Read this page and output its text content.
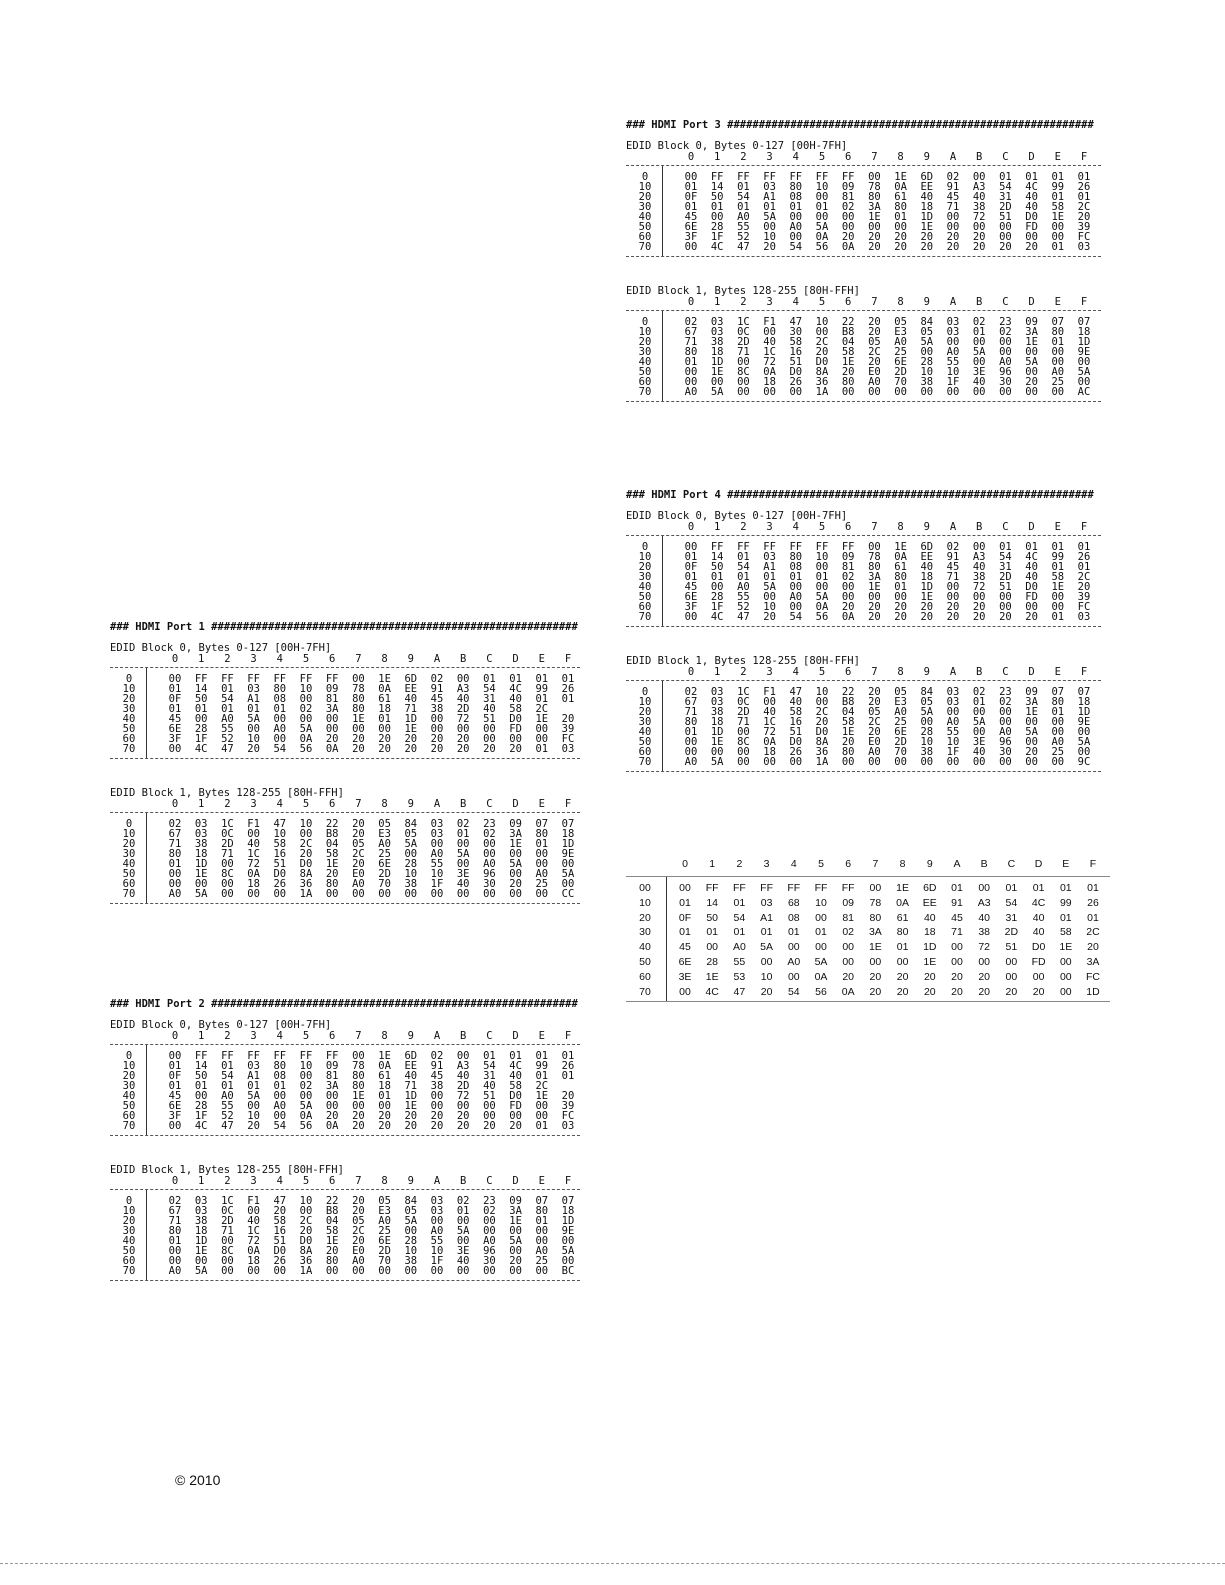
### HDMI Port 1 ##########################################################
EDID Block 0, Bytes 0-127 [00H-7FH]
0	1	2	3	4	5	6	7	8	9	A	B	C	D	E	F
0	00	FF	FF	FF	FF	FF	FF	00	1E	6D	02	00	01	01	01	01
10	01	14	01	03	80	10	09	78	0A	EE	91	A3	54	4C	99	26
20	0F	50	54	A1	08	00	81	80	61	40	45	40	31	40	01	01
30	01	01	01	01	01	02	3A	80	18	71	38	2D	40	58	2C
40	45	00	A0	5A	00	00	00	1E	01	1D	00	72	51	D0	1E	20
50	6E	28	55	00	A0	5A	00	00	00	1E	00	00	00	FD	00	39
60	3F	1F	52	10	00	0A	20	20	20	20	20	20	00	00	00	FC
70	00	4C	47	20	54	56	0A	20	20	20	20	20	20	20	01	03
EDID Block 1, Bytes 128-255 [80H-FFH]
0	1	2	3	4	5	6	7	8	9	A	B	C	D	E	F
0	02	03	1C	F1	47	10	22	20	05	84	03	02	23	09	07	07
10	67	03	0C	00	10	00	B8	20	E3	05	03	01	02	3A	80	18
20	71	38	2D	40	58	2C	04	05	A0	5A	00	00	00	1E	01	1D
30	80	18	71	1C	16	20	58	2C	25	00	A0	5A	00	00	00	9E
40	01	1D	00	72	51	D0	1E	20	6E	28	55	00	A0	5A	00	00
50	00	1E	8C	0A	D0	8A	20	E0	2D	10	10	3E	96	00	A0	5A
60	00	00	00	18	26	36	80	A0	70	38	1F	40	30	20	25	00
70	A0	5A	00	00	00	1A	00	00	00	00	00	00	00	00	00	CC
### HDMI Port 2 ##########################################################
EDID Block 0, Bytes 0-127 [00H-7FH]
0	1	2	3	4	5	6	7	8	9	A	B	C	D	E	F
0	00	FF	FF	FF	FF	FF	FF	00	1E	6D	02	00	01	01	01	01
10	01	14	01	03	80	10	09	78	0A	EE	91	A3	54	4C	99	26
20	0F	50	54	A1	08	00	81	80	61	40	45	40	31	40	01	01
30	01	01	01	01	01	02	3A	80	18	71	38	2D	40	58	2C
40	45	00	A0	5A	00	00	00	1E	01	1D	00	72	51	D0	1E	20
50	6E	28	55	00	A0	5A	00	00	00	1E	00	00	00	FD	00	39
60	3F	1F	52	10	00	0A	20	20	20	20	20	20	00	00	00	FC
70	00	4C	47	20	54	56	0A	20	20	20	20	20	20	20	01	03
EDID Block 1, Bytes 128-255 [80H-FFH]
0	1	2	3	4	5	6	7	8	9	A	B	C	D	E	F
0	02	03	1C	F1	47	10	22	20	05	84	03	02	23	09	07	07
10	67	03	0C	00	20	00	B8	20	E3	05	03	01	02	3A	80	18
20	71	38	2D	40	58	2C	04	05	A0	5A	00	00	00	1E	01	1D
30	80	18	71	1C	16	20	58	2C	25	00	A0	5A	00	00	00	9E
40	01	1D	00	72	51	D0	1E	20	6E	28	55	00	A0	5A	00	00
50	00	1E	8C	0A	D0	8A	20	E0	2D	10	10	3E	96	00	A0	5A
60	00	00	00	18	26	36	80	A0	70	38	1F	40	30	20	25	00
70	A0	5A	00	00	00	1A	00	00	00	00	00	00	00	00	00	BC
### HDMI Port 3 ##########################################################
EDID Block 0, Bytes 0-127 [00H-7FH]
0	1	2	3	4	5	6	7	8	9	A	B	C	D	E	F
0	00	FF	FF	FF	FF	FF	FF	00	1E	6D	02	00	01	01	01	01
10	01	14	01	03	80	10	09	78	0A	EE	91	A3	54	4C	99	26
20	0F	50	54	A1	08	00	81	80	61	40	45	40	31	40	01	01
30	01	01	01	01	01	01	02	3A	80	18	71	38	2D	40	58	2C
40	45	00	A0	5A	00	00	00	1E	01	1D	00	72	51	D0	1E	20
50	6E	28	55	00	A0	5A	00	00	00	1E	00	00	00	FD	00	39
60	3F	1F	52	10	00	0A	20	20	20	20	20	20	00	00	00	FC
70	00	4C	47	20	54	56	0A	20	20	20	20	20	20	20	01	03
EDID Block 1, Bytes 128-255 [80H-FFH]
0	1	2	3	4	5	6	7	8	9	A	B	C	D	E	F
0	02	03	1C	F1	47	10	22	20	05	84	03	02	23	09	07	07
10	67	03	0C	00	30	00	B8	20	E3	05	03	01	02	3A	80	18
20	71	38	2D	40	58	2C	04	05	A0	5A	00	00	00	1E	01	1D
30	80	18	71	1C	16	20	58	2C	25	00	A0	5A	00	00	00	9E
40	01	1D	00	72	51	D0	1E	20	6E	28	55	00	A0	5A	00	00
50	00	1E	8C	0A	D0	8A	20	E0	2D	10	10	3E	96	00	A0	5A
60	00	00	00	18	26	36	80	A0	70	38	1F	40	30	20	25	00
70	A0	5A	00	00	00	1A	00	00	00	00	00	00	00	00	00	AC
### HDMI Port 4 ##########################################################
EDID Block 0, Bytes 0-127 [00H-7FH]
0	1	2	3	4	5	6	7	8	9	A	B	C	D	E	F
0	00	FF	FF	FF	FF	FF	FF	00	1E	6D	02	00	01	01	01	01
10	01	14	01	03	80	10	09	78	0A	EE	91	A3	54	4C	99	26
20	0F	50	54	A1	08	00	81	80	61	40	45	40	31	40	01	01
30	01	01	01	01	01	01	02	3A	80	18	71	38	2D	40	58	2C
40	45	00	A0	5A	00	00	00	1E	01	1D	00	72	51	D0	1E	20
50	6E	28	55	00	A0	5A	00	00	00	1E	00	00	00	FD	00	39
60	3F	1F	52	10	00	0A	20	20	20	20	20	20	00	00	00	FC
70	00	4C	47	20	54	56	0A	20	20	20	20	20	20	20	01	03
EDID Block 1, Bytes 128-255 [80H-FFH]
0	1	2	3	4	5	6	7	8	9	A	B	C	D	E	F
0	02	03	1C	F1	47	10	22	20	05	84	03	02	23	09	07	07
10	67	03	0C	00	40	00	B8	20	E3	05	03	01	02	3A	80	18
20	71	38	2D	40	58	2C	04	05	A0	5A	00	00	00	1E	01	1D
30	80	18	71	1C	16	20	58	2C	25	00	A0	5A	00	00	00	9E
40	01	1D	00	72	51	D0	1E	20	6E	28	55	00	A0	5A	00	00
50	00	1E	8C	0A	D0	8A	20	E0	2D	10	10	3E	96	00	A0	5A
60	00	00	00	18	26	36	80	A0	70	38	1F	40	30	20	25	00
70	A0	5A	00	00	00	1A	00	00	00	00	00	00	00	00	00	9C
0	1	2	3	4	5	6	7	8	9	A	B	C	D	E	F
00	00	FF	FF	FF	FF	FF	FF	00	1E	6D	01	00	01	01	01	01
10	01	14	01	03	68	10	09	78	0A	EE	91	A3	54	4C	99	26
20	0F	50	54	A1	08	00	81	80	61	40	45	40	31	40	01	01
30	01	01	01	01	01	01	02	3A	80	18	71	38	2D	40	58	2C
40	45	00	A0	5A	00	00	00	1E	01	1D	00	72	51	D0	1E	20
50	6E	28	55	00	A0	5A	00	00	00	1E	00	00	00	FD	00	3A
60	3E	1E	53	10	00	0A	20	20	20	20	20	20	00	00	00	FC
70	00	4C	47	20	54	56	0A	20	20	20	20	20	20	20	00	1D
© 2010
